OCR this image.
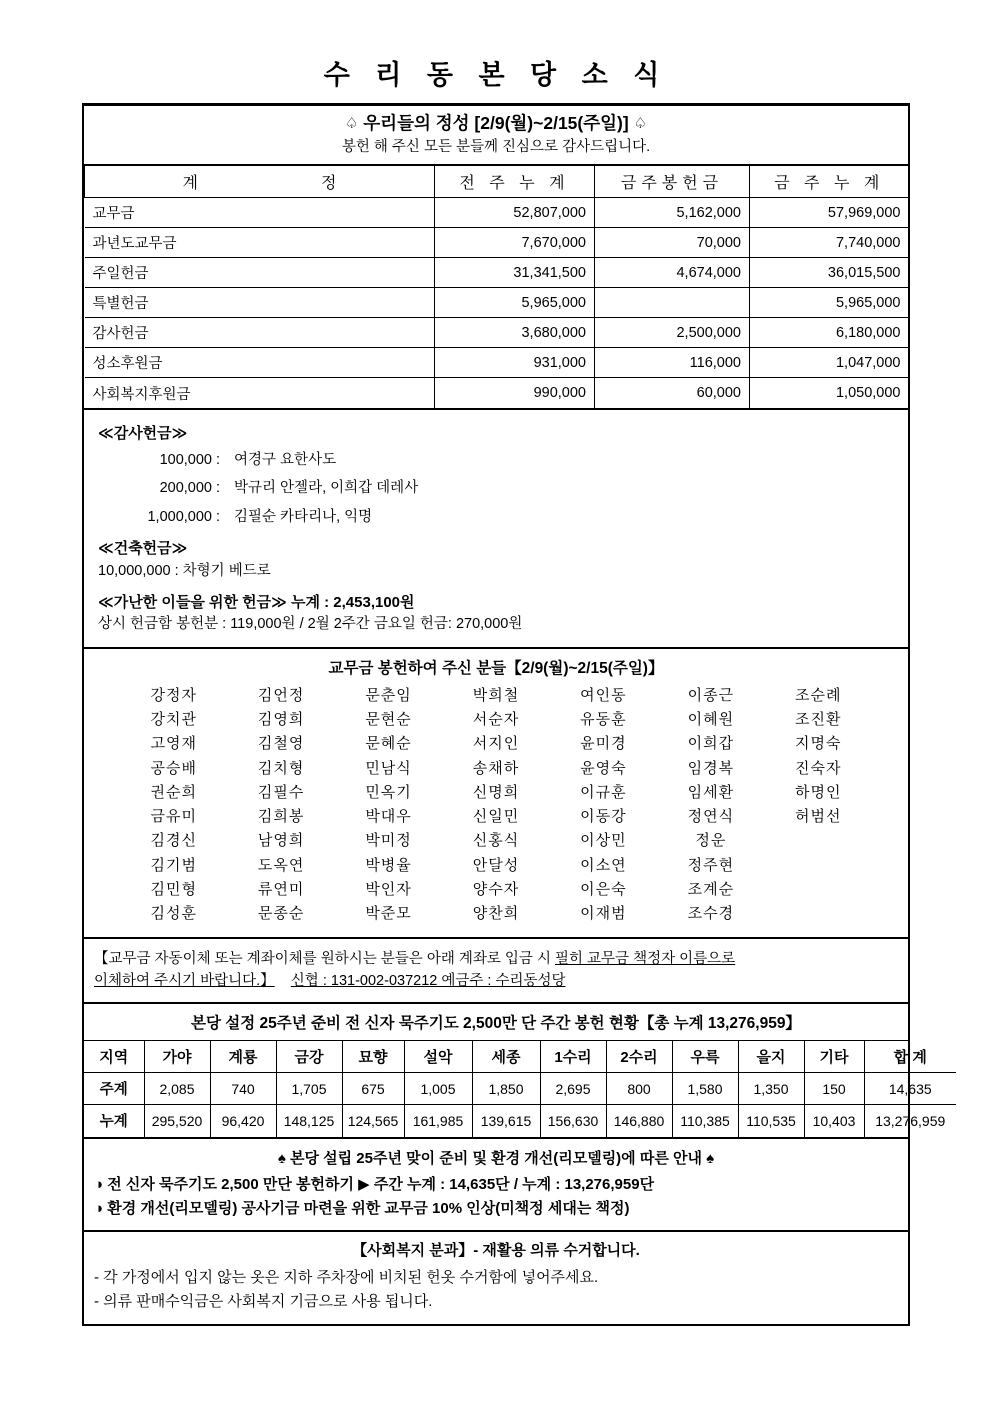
수 리 동 본 당 소 식
♤ 우리들의 정성 [2/9(월)~2/15(주일)] ♤
봉헌 해 주신 모든 분들께 진심으로 감사드립니다.
계 정	전 주 누 계	금주봉헌금	금 주 누 계
교무금	52,807,000	5,162,000	57,969,000
과년도교무금	7,670,000	70,000	7,740,000
주일헌금	31,341,500	4,674,000	36,015,500
특별헌금	5,965,000		5,965,000
감사헌금	3,680,000	2,500,000	6,180,000
성소후원금	931,000	116,000	1,047,000
사회복지후원금	990,000	60,000	1,050,000
≪감사헌금≫
100,000 : 여경구 요한사도
200,000 : 박규리 안젤라, 이희갑 데레사
1,000,000 : 김필순 카타리나, 익명
≪건축헌금≫
10,000,000 : 차형기 베드로
≪가난한 이들을 위한 헌금≫ 누계 : 2,453,100원
상시 헌금함 봉헌분 : 119,000원 / 2월 2주간 금요일 헌금: 270,000원
교무금 봉헌하여 주신 분들【2/9(월)~2/15(주일)】
강정자	김언정	문춘임	박희철	여인동	이종근	조순례
강치관	김영희	문현순	서순자	유동훈	이혜원	조진환
고영재	김철영	문혜순	서지인	윤미경	이희갑	지명숙
공승배	김치형	민남식	송채하	윤영숙	임경복	진숙자
권순희	김필수	민옥기	신명희	이규훈	임세환	하명인
금유미	김희봉	박대우	신일민	이동강	정연식	허범선
김경신	남영희	박미정	신홍식	이상민	정운
김기범	도옥연	박병율	안달성	이소연	정주현
김민형	류연미	박인자	양수자	이은숙	조계순
김성훈	문종순	박준모	양찬희	이재범	조수경
【교무금 자동이체 또는 계좌이체를 원하시는 분들은 아래 계좌로 입금 시 필히 교무금 책정자 이름으로
이체하여 주시기 바랍니다.】 신협 : 131-002-037212 예금주 : 수리동성당
본당 설정 25주년 준비 전 신자 묵주기도 2,500만 단 주간 봉헌 현황【총 누계 13,276,959】
지역	가야	계룡	금강	묘향	설악	세종	1수리	2수리	우륵	을지	기타	합 계
주계	2,085	740	1,705	675	1,005	1,850	2,695	800	1,580	1,350	150	14,635
누계	295,520	96,420	148,125	124,565	161,985	139,615	156,630	146,880	110,385	110,535	10,403	13,276,959
♠ 본당 설립 25주년 맞이 준비 및 환경 개선(리모델링)에 따른 안내 ♠
◑ 전 신자 묵주기도 2,500 만단 봉헌하기 ▶ 주간 누계 : 14,635단 / 누계 : 13,276,959단
◑ 환경 개선(리모델링) 공사기금 마련을 위한 교무금 10% 인상(미책정 세대는 책정)
【사회복지 분과】- 재활용 의류 수거합니다.
- 각 가정에서 입지 않는 옷은 지하 주차장에 비치된 헌옷 수거함에 넣어주세요.
- 의류 판매수익금은 사회복지 기금으로 사용 됩니다.
